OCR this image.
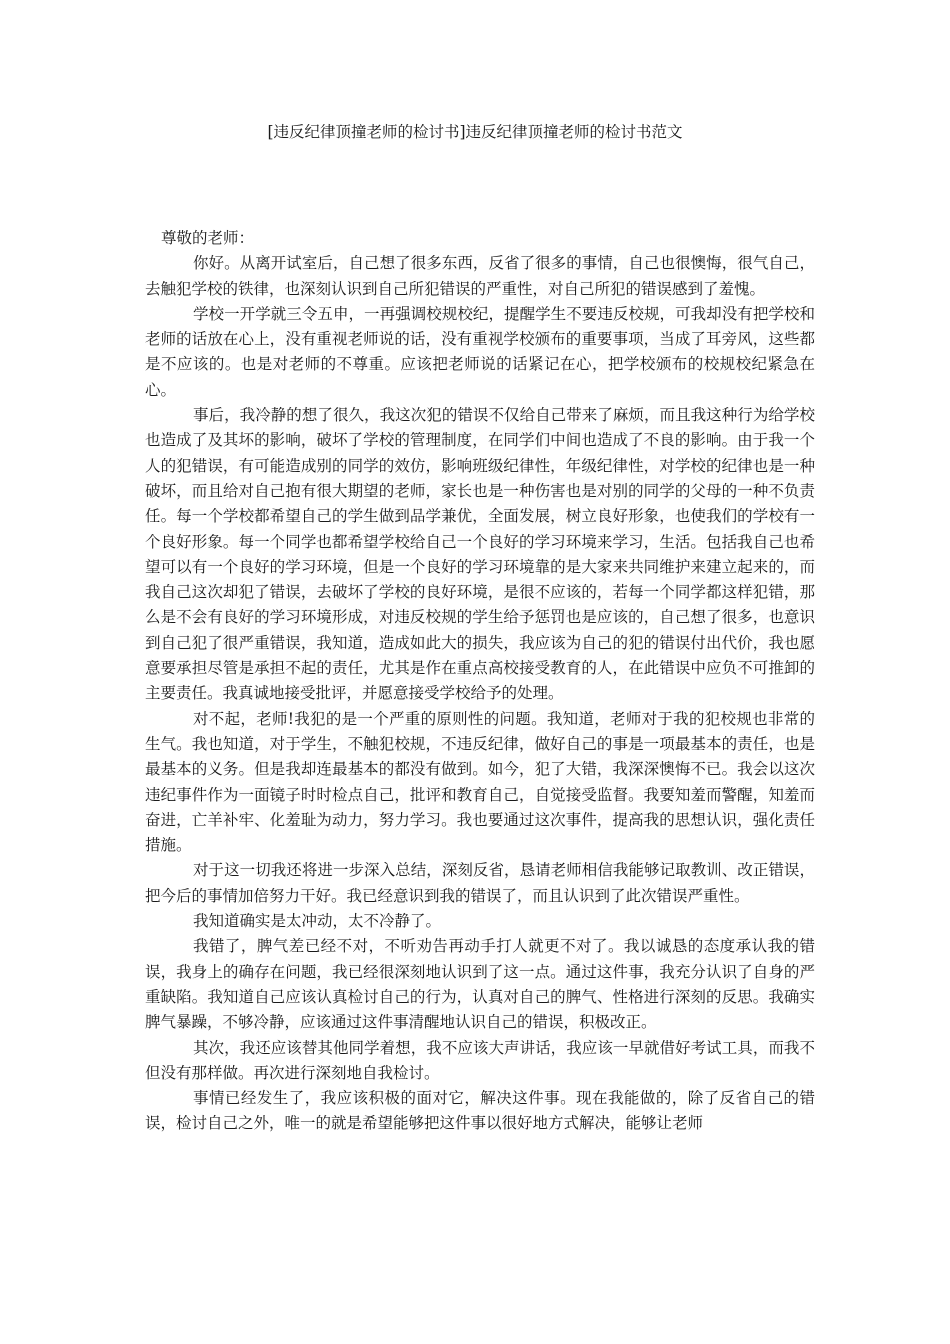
[违反纪律顶撞老师的检讨书]违反纪律顶撞老师的检讨书范文

尊敬的老师：

你好。从离开试室后，自己想了很多东西，反省了很多的事情，自己也很懊悔，很气自己，去触犯学校的铁律，也深刻认识到自己所犯错误的严重性，对自己所犯的错误感到了羞愧。

学校一开学就三令五申，一再强调校规校纪，提醒学生不要违反校规，可我却没有把学校和老师的话放在心上，没有重视老师说的话，没有重视学校颁布的重要事项，当成了耳旁风，这些都是不应该的。也是对老师的不尊重。应该把老师说的话紧记在心，把学校颁布的校规校纪紧急在心。

事后，我冷静的想了很久，我这次犯的错误不仅给自己带来了麻烦，而且我这种行为给学校也造成了及其坏的影响，破坏了学校的管理制度，在同学们中间也造成了不良的影响。由于我一个人的犯错误，有可能造成别的同学的效仿，影响班级纪律性，年级纪律性，对学校的纪律也是一种破坏，而且给对自己抱有很大期望的老师，家长也是一种伤害也是对别的同学的父母的一种不负责任。每一个学校都希望自己的学生做到品学兼优，全面发展，树立良好形象，也使我们的学校有一个良好形象。每一个同学也都希望学校给自己一个良好的学习环境来学习，生活。包括我自己也希望可以有一个良好的学习环境，但是一个良好的学习环境靠的是大家来共同维护来建立起来的，而我自己这次却犯了错误，去破坏了学校的良好环境，是很不应该的，若每一个同学都这样犯错，那么是不会有良好的学习环境形成，对违反校规的学生给予惩罚也是应该的，自己想了很多，也意识到自己犯了很严重错误，我知道，造成如此大的损失，我应该为自己的犯的错误付出代价，我也愿意要承担尽管是承担不起的责任，尤其是作在重点高校接受教育的人，在此错误中应负不可推卸的主要责任。我真诚地接受批评，并愿意接受学校给予的处理。

对不起，老师!我犯的是一个严重的原则性的问题。我知道，老师对于我的犯校规也非常的生气。我也知道，对于学生，不触犯校规，不违反纪律，做好自己的事是一项最基本的责任，也是最基本的义务。但是我却连最基本的都没有做到。如今，犯了大错，我深深懊悔不已。我会以这次违纪事件作为一面镜子时时检点自己，批评和教育自己，自觉接受监督。我要知羞而警醒，知羞而奋进，亡羊补牢、化羞耻为动力，努力学习。我也要通过这次事件，提高我的思想认识，强化责任措施。

对于这一切我还将进一步深入总结，深刻反省，恳请老师相信我能够记取教训、改正错误，把今后的事情加倍努力干好。我已经意识到我的错误了，而且认识到了此次错误严重性。

我知道确实是太冲动，太不冷静了。

我错了，脾气差已经不对，不听劝告再动手打人就更不对了。我以诚恳的态度承认我的错误，我身上的确存在问题，我已经很深刻地认识到了这一点。通过这件事，我充分认识了自身的严重缺陷。我知道自己应该认真检讨自己的行为，认真对自己的脾气、性格进行深刻的反思。我确实脾气暴躁，不够冷静，应该通过这件事清醒地认识自己的错误，积极改正。

其次，我还应该替其他同学着想，我不应该大声讲话，我应该一早就借好考试工具，而我不但没有那样做。再次进行深刻地自我检讨。

事情已经发生了，我应该积极的面对它，解决这件事。现在我能做的，除了反省自己的错误，检讨自己之外，唯一的就是希望能够把这件事以很好地方式解决，能够让老师
